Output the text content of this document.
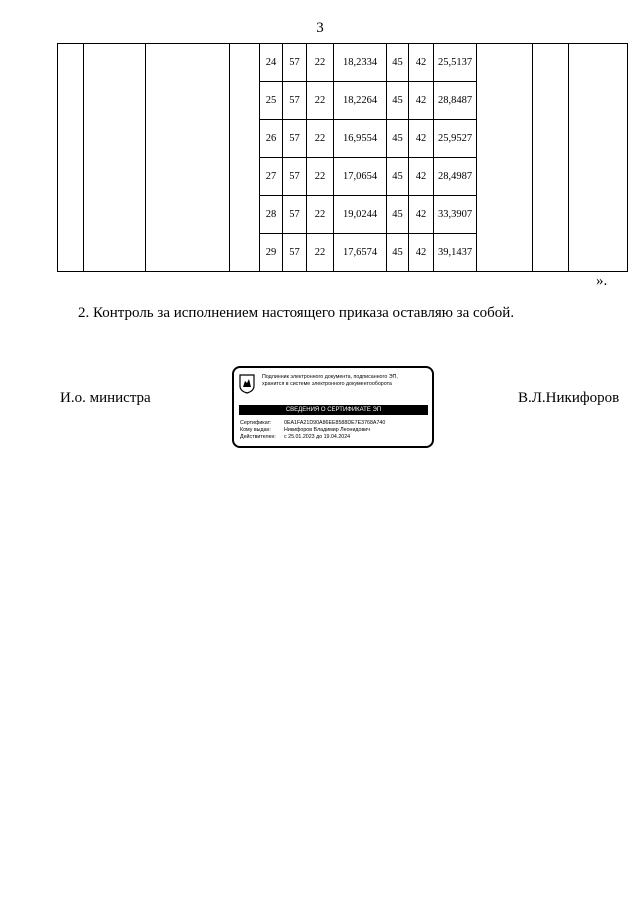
3
				24	57	22	18,2334	45	42	25,5137			
				25	57	22	18,2264	45	42	28,8487			
				26	57	22	16,9554	45	42	25,9527			
				27	57	22	17,0654	45	42	28,4987			
				28	57	22	19,0244	45	42	33,3907			
				29	57	22	17,6574	45	42	39,1437			
».
2. Контроль за исполнением настоящего приказа оставляю за собой.
И.о. министра	В.Л.Никифоров
Подлинник электронного документа, подписанного ЭП,
хранится в системе электронного документооборота
СВЕДЕНИЯ О СЕРТИФИКАТЕ ЭП
Сертификат: 0EA1FA21D90A86EE8588DE7E3768A740
Кому выдан: Никифоров Владимир Леонидович
Действителен: с 25.01.2023 до 19.04.2024
